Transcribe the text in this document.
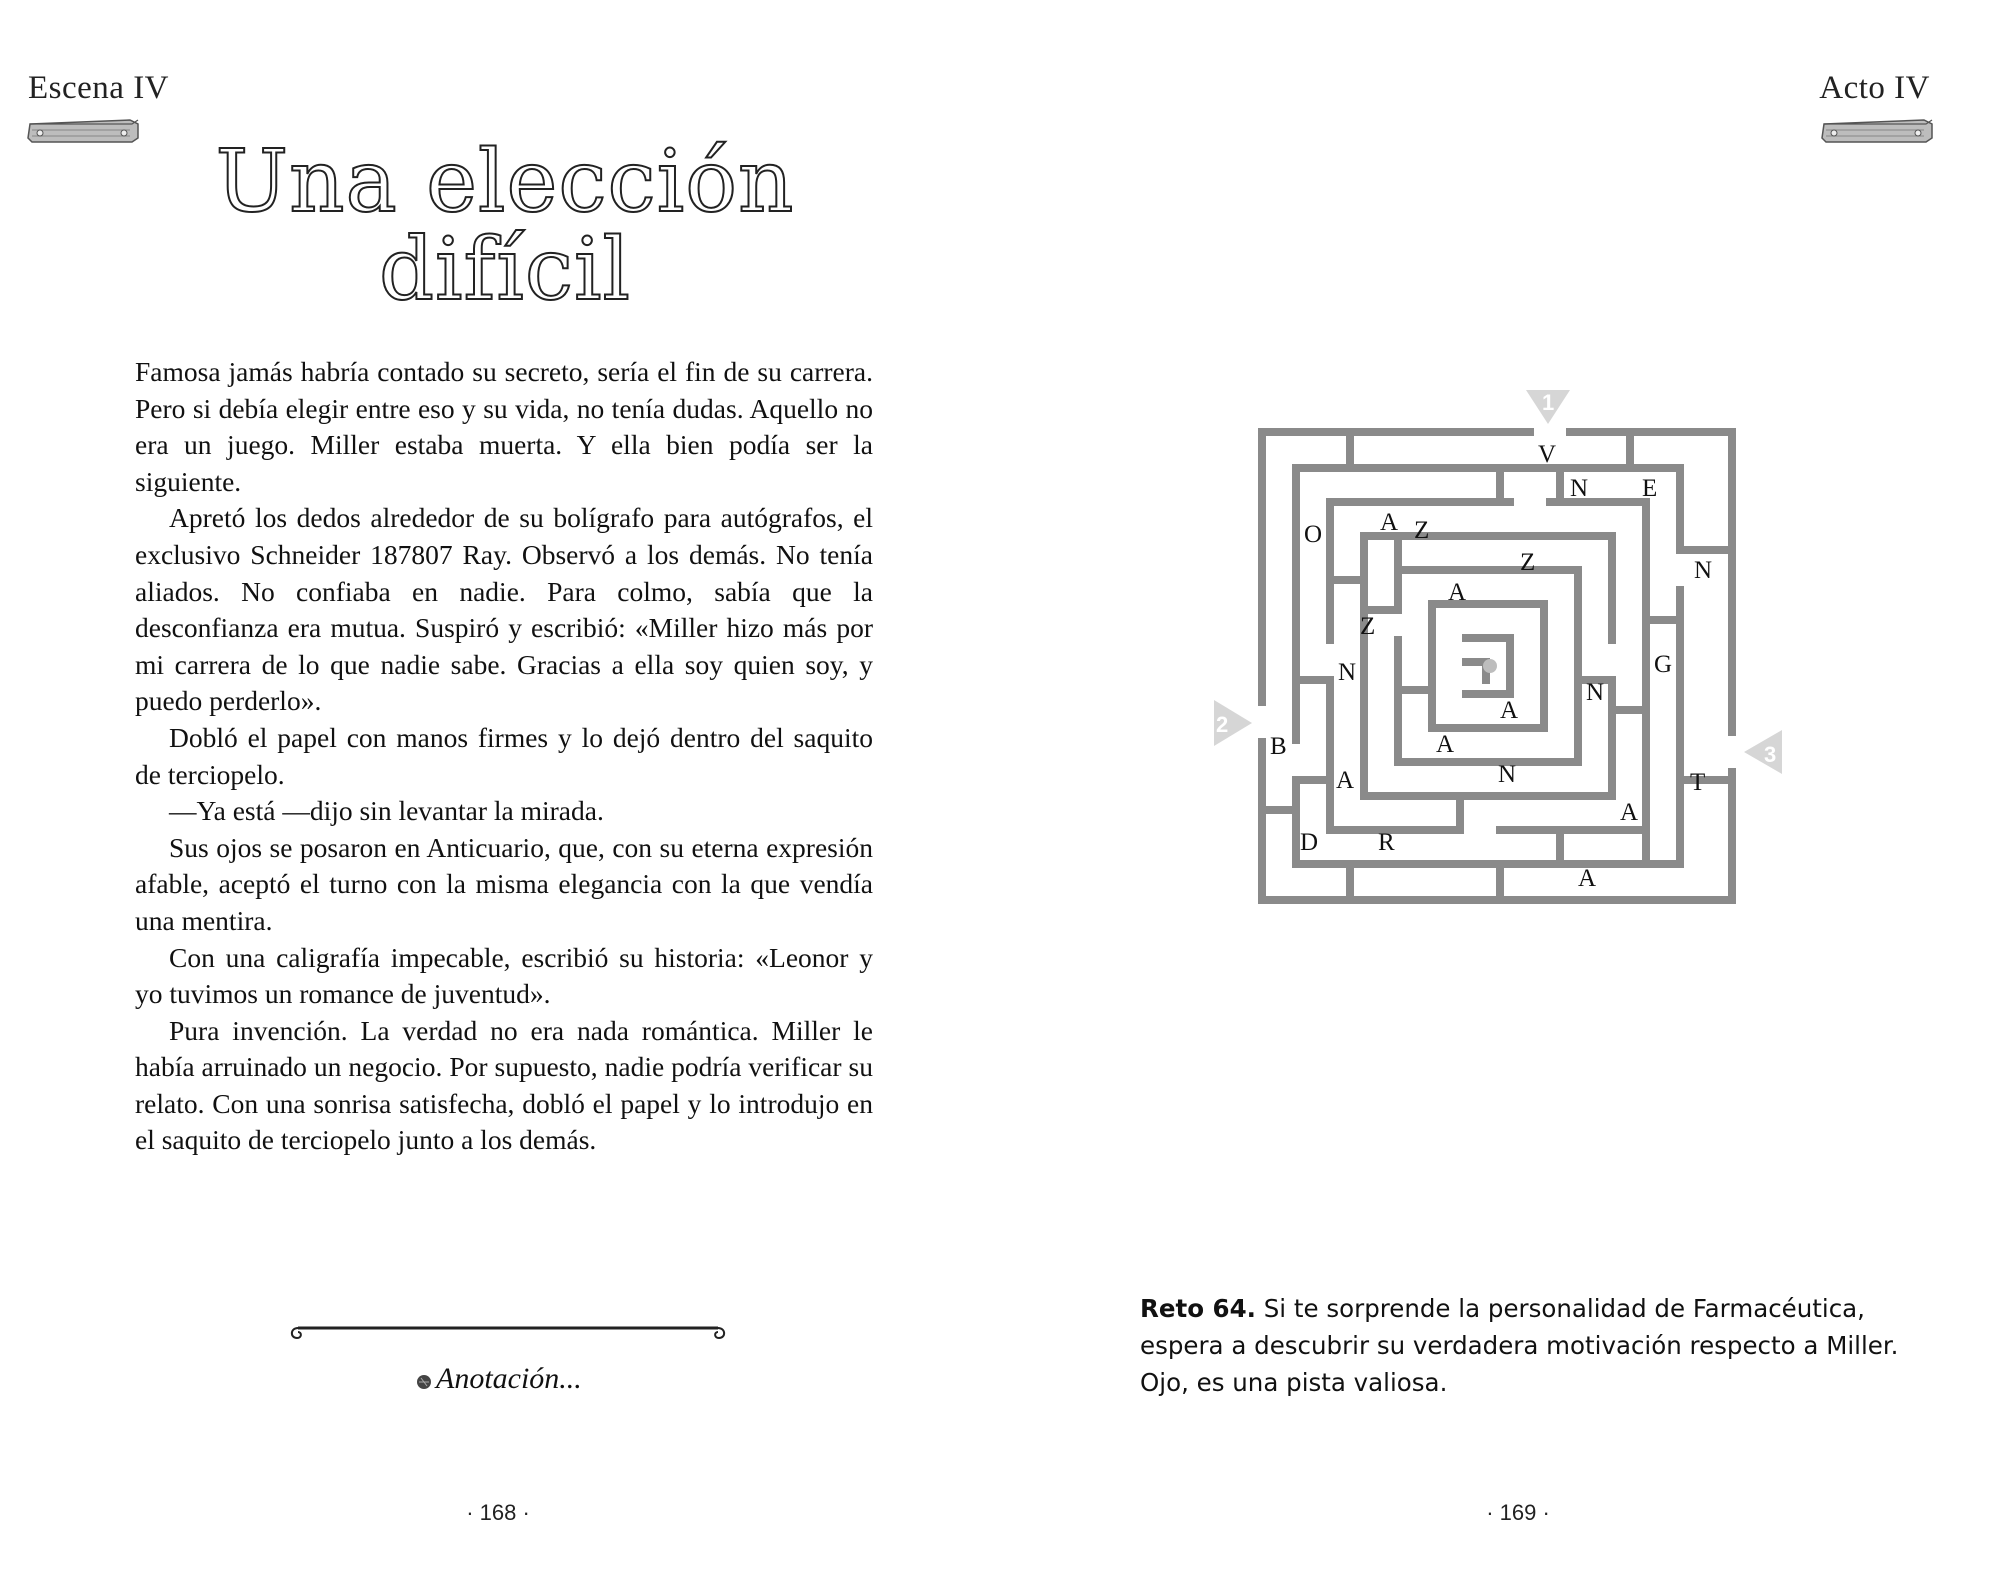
Escena IV
Una elección
difícil

Famosa jamás habría contado su secreto, sería el fin de su carrera. Pero si debía elegir entre eso y su vida, no tenía dudas. Aquello no era un juego. Miller estaba muerta. Y ella bien podía ser la siguiente.

Apretó los dedos alrededor de su bolígrafo para autógrafos, el exclusivo Schneider 187807 Ray. Observó a los demás. No tenía aliados. No confiaba en nadie. Para colmo, sabía que la desconfianza era mutua. Suspiró y escribió: «Miller hizo más por mi carrera de lo que nadie sabe. Gracias a ella soy quien soy, y puedo perderlo».

Dobló el papel con manos firmes y lo dejó dentro del saquito de terciopelo.

—Ya está —dijo sin levantar la mirada.

Sus ojos se posaron en Anticuario, que, con su eterna expresión afable, aceptó el turno con la misma elegancia con la que vendía una mentira.

Con una caligrafía impecable, escribió su historia: «Leonor y yo tuvimos un romance de juventud».

Pura invención. La verdad no era nada romántica. Miller le había arruinado un negocio. Por supuesto, nadie podría verificar su relato. Con una sonrisa satisfecha, dobló el papel y lo introdujo en el saquito de terciopelo junto a los demás.

Anotación...
· 168 ·
Acto IV
1
2
3
V
N E
O A Z
Z	N
A
Z
N	G
N
A
B	A
N	T
A
D R
A
A
Reto 64. Si te sorprende la personalidad de Farmacéutica, espera a descubrir su verdadera motivación respecto a Miller. Ojo, es una pista valiosa.
· 169 ·
